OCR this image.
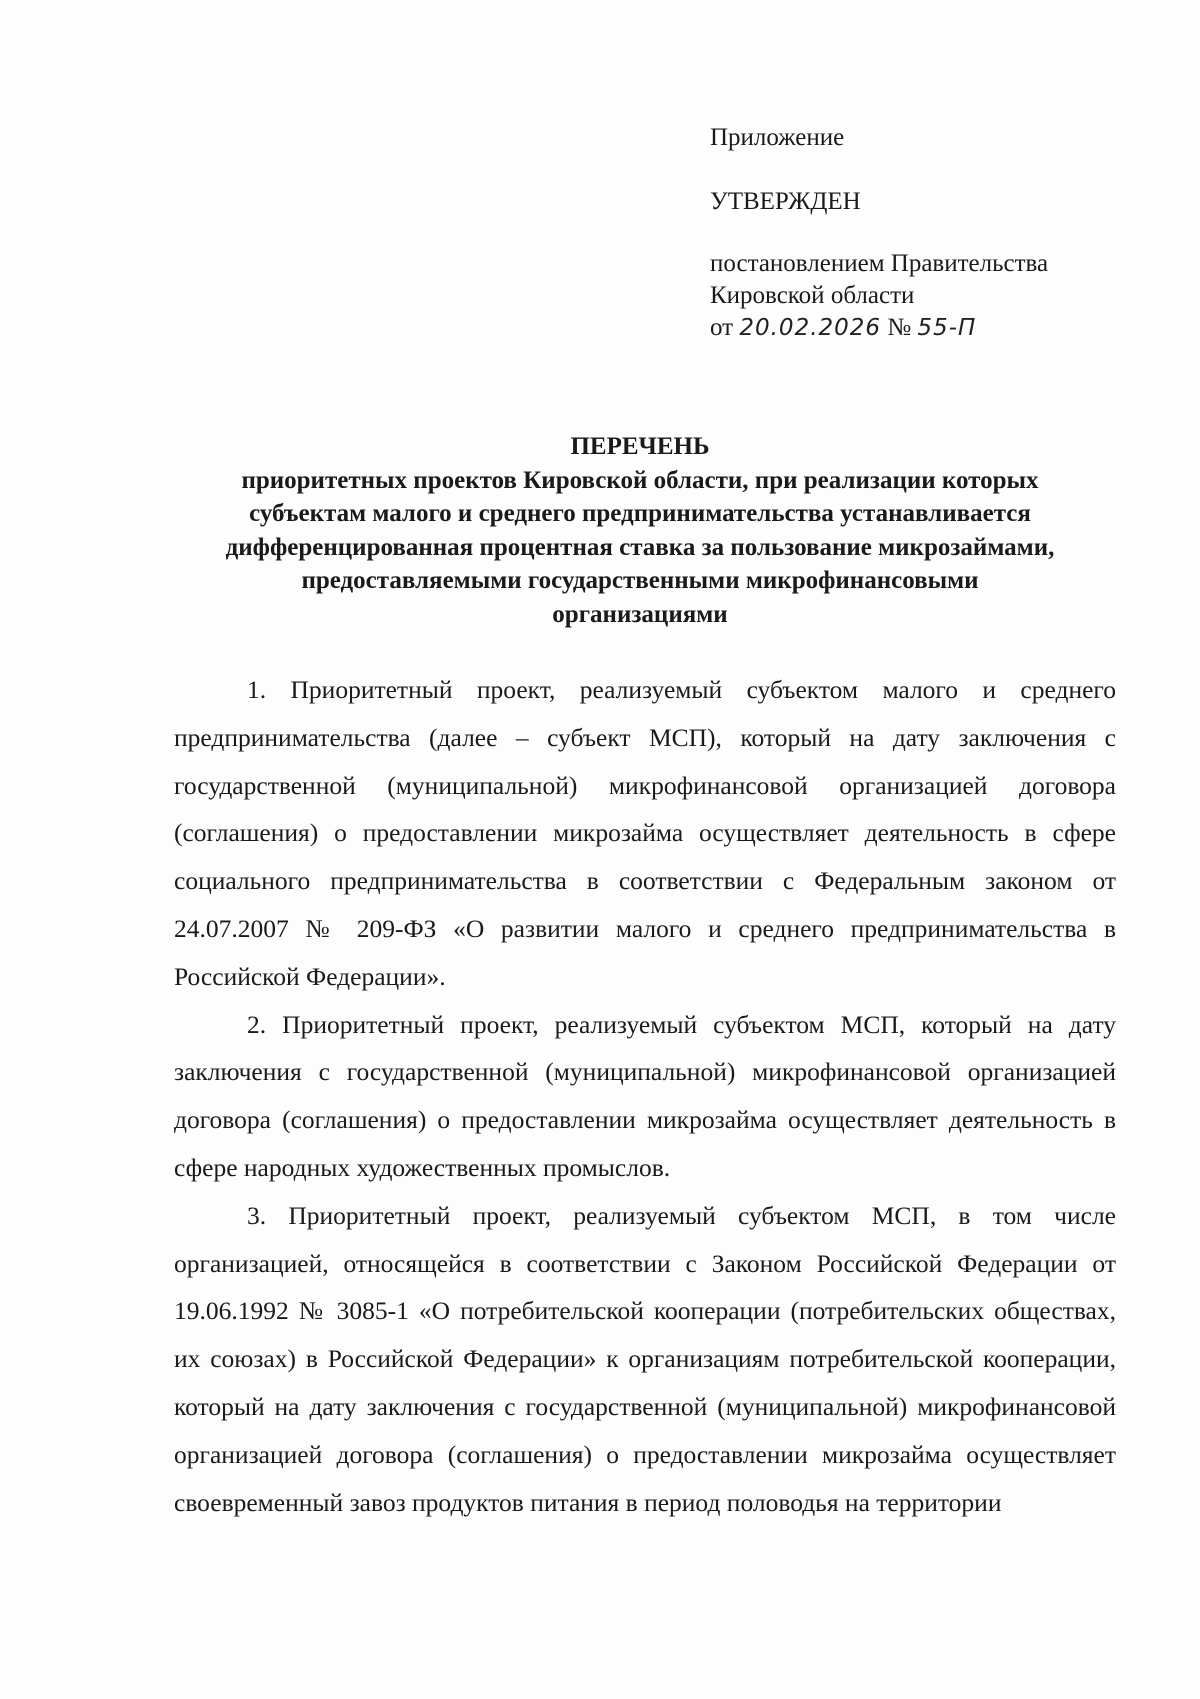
Приложение
УТВЕРЖДЕН
постановлением Правительства
Кировской области
от 20.02.2026 № 55-П
ПЕРЕЧЕНЬ
приоритетных проектов Кировской области, при реализации которых
субъектам малого и среднего предпринимательства устанавливается
дифференцированная процентная ставка за пользование микрозаймами,
предоставляемыми государственными микрофинансовыми
организациями

1. Приоритетный проект, реализуемый субъектом малого и среднего предпринимательства (далее – субъект МСП), который на дату заключения с государственной (муниципальной) микрофинансовой организацией договора (соглашения) о предоставлении микрозайма осуществляет деятельность в сфере социального предпринимательства в соответствии с Федеральным законом от 24.07.2007 № 209-ФЗ «О развитии малого и среднего предпринимательства в Российской Федерации».

2. Приоритетный проект, реализуемый субъектом МСП, который на дату заключения с государственной (муниципальной) микрофинансовой организацией договора (соглашения) о предоставлении микрозайма осуществляет деятельность в сфере народных художественных промыслов.

3. Приоритетный проект, реализуемый субъектом МСП, в том числе организацией, относящейся в соответствии с Законом Российской Федерации от 19.06.1992 № 3085-1 «О потребительской кооперации (потребительских обществах, их союзах) в Российской Федерации» к организациям потребительской кооперации, который на дату заключения с государственной (муниципальной) микрофинансовой организацией договора (соглашения) о предоставлении микрозайма осуществляет своевременный завоз продуктов питания в период половодья на территории
